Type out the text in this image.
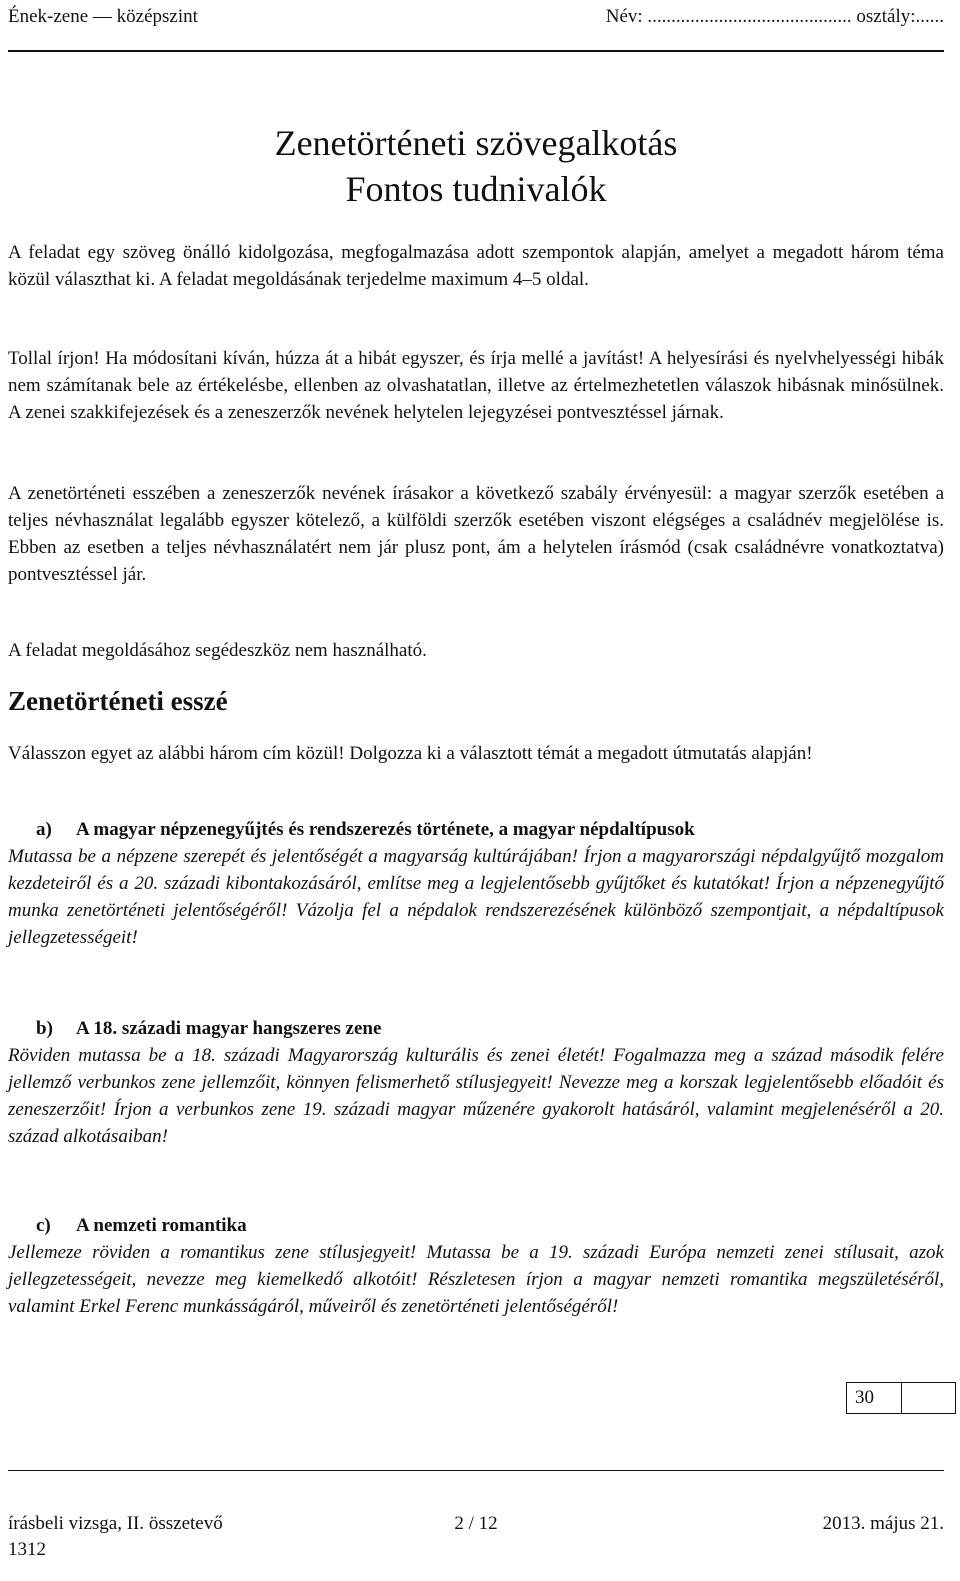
Ének-zene — középszint	Név: ........................................... osztály:......
Zenetörténeti szövegalkotás
Fontos tudnivalók

A feladat egy szöveg önálló kidolgozása, megfogalmazása adott szempontok alapján, amelyet a megadott három téma közül választhat ki. A feladat megoldásának terjedelme maximum 4–5 oldal.

Tollal írjon! Ha módosítani kíván, húzza át a hibát egyszer, és írja mellé a javítást! A helyesírási és nyelvhelyességi hibák nem számítanak bele az értékelésbe, ellenben az olvashatatlan, illetve az értelmezhetetlen válaszok hibásnak minősülnek. A zenei szakkifejezések és a zeneszerzők nevének helytelen lejegyzései pontvesztéssel járnak.

A zenetörténeti esszében a zeneszerzők nevének írásakor a következő szabály érvényesül: a magyar szerzők esetében a teljes névhasználat legalább egyszer kötelező, a külföldi szerzők esetében viszont elégséges a családnév megjelölése is. Ebben az esetben a teljes névhasználatért nem jár plusz pont, ám a helytelen írásmód (csak családnévre vonatkoztatva) pontvesztéssel jár.

A feladat megoldásához segédeszköz nem használható.

Zenetörténeti esszé

Válasszon egyet az alábbi három cím közül! Dolgozza ki a választott témát a megadott útmutatás alapján!

a) A magyar népzenegyűjtés és rendszerezés története, a magyar népdaltípusok

Mutassa be a népzene szerepét és jelentőségét a magyarság kultúrájában! Írjon a magyarországi népdalgyűjtő mozgalom kezdeteiről és a 20. századi kibontakozásáról, említse meg a legjelentősebb gyűjtőket és kutatókat! Írjon a népzenegyűjtő munka zenetörténeti jelentőségéről! Vázolja fel a népdalok rendszerezésének különböző szempontjait, a népdaltípusok jellegzetességeit!

b) A 18. századi magyar hangszeres zene

Röviden mutassa be a 18. századi Magyarország kulturális és zenei életét! Fogalmazza meg a század második felére jellemző verbunkos zene jellemzőit, könnyen felismerhető stílusjegyeit! Nevezze meg a korszak legjelentősebb előadóit és zeneszerzőit! Írjon a verbunkos zene 19. századi magyar műzenére gyakorolt hatásáról, valamint megjelenéséről a 20. század alkotásaiban!

c) A nemzeti romantika

Jellemeze röviden a romantikus zene stílusjegyeit! Mutassa be a 19. századi Európa nemzeti zenei stílusait, azok jellegzetességeit, nevezze meg kiemelkedő alkotóit! Részletesen írjon a magyar nemzeti romantika megszületéséről, valamint Erkel Ferenc munkásságáról, műveiről és zenetörténeti jelentőségéről!

30
írásbeli vizsga, II. összetevő	2 / 12	2013. május 21.
1312
